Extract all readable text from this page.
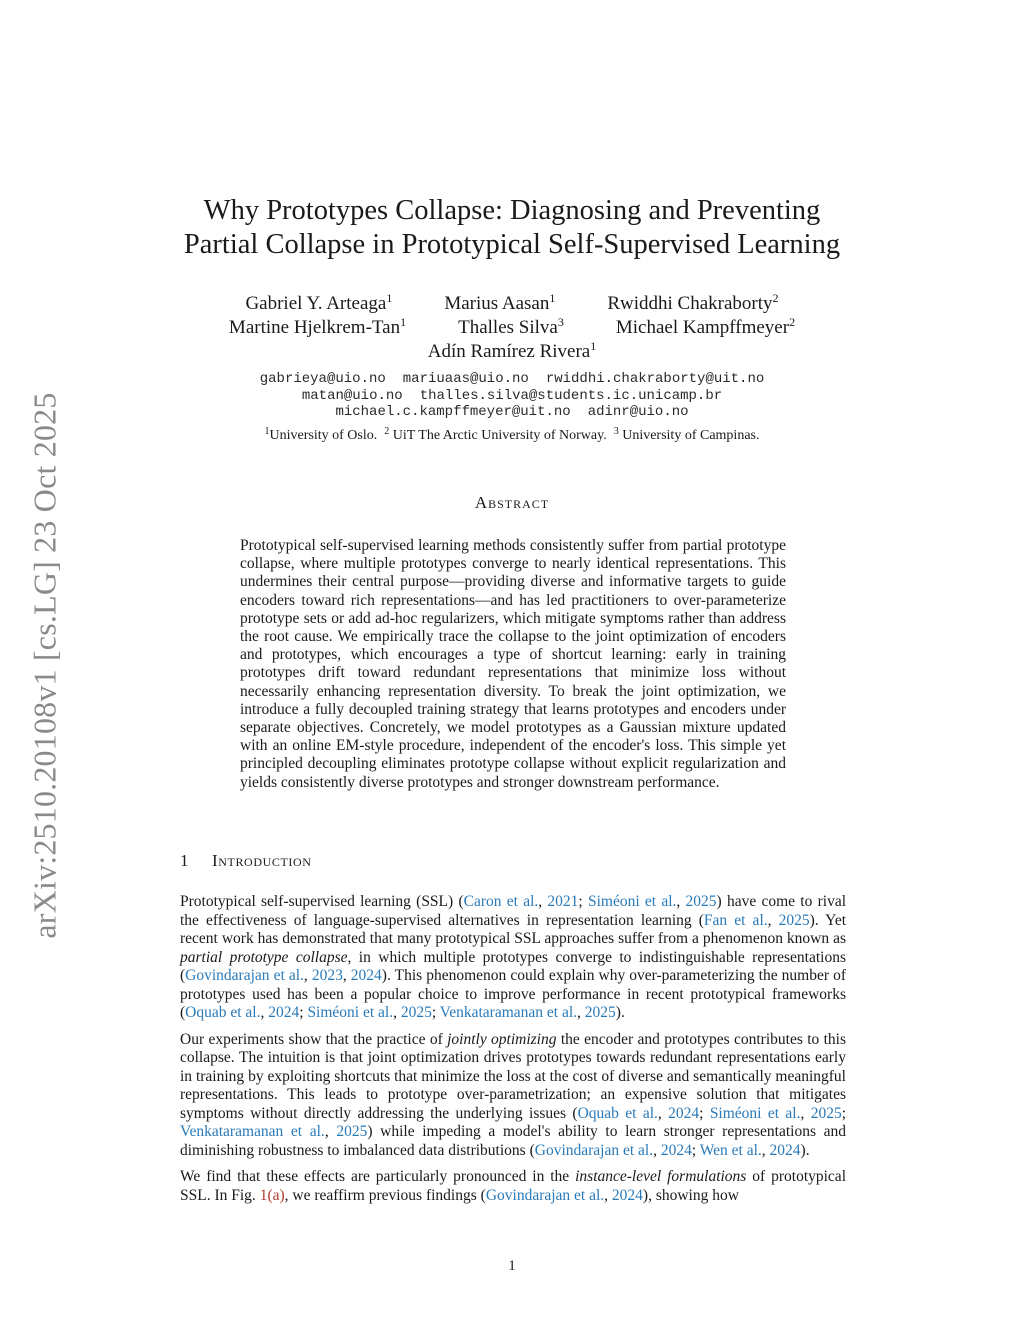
arXiv:2510.20108v1 [cs.LG] 23 Oct 2025
Why Prototypes Collapse: Diagnosing and Preventing
Partial Collapse in Prototypical Self-Supervised Learning
Gabriel Y. Arteaga$^1$	Marius Aasan$^1$	Rwiddhi Chakraborty$^2$
Martine Hjelkrem-Tan$^1$	Thalles Silva$^3$	Michael Kampffmeyer$^2$
Adín Ramírez Rivera$^1$
gabrieya@uio.no mariuaas@uio.no rwiddhi.chakraborty@uit.no
matan@uio.no thalles.silva@students.ic.unicamp.br
michael.c.kampffmeyer@uit.no adinr@uio.no
$^1$University of Oslo. $^2$ UiT The Arctic University of Norway. $^3$ University of Campinas.
Abstract

Prototypical self-supervised learning methods consistently suffer from partial prototype collapse, where multiple prototypes converge to nearly identical representations. This undermines their central purpose—providing diverse and informative targets to guide encoders toward rich representations—and has led practitioners to over-parameterize prototype sets or add ad-hoc regularizers, which mitigate symptoms rather than address the root cause. We empirically trace the collapse to the joint optimization of encoders and prototypes, which encourages a type of shortcut learning: early in training prototypes drift toward redundant representations that minimize loss without necessarily enhancing representation diversity. To break the joint optimization, we introduce a fully decoupled training strategy that learns prototypes and encoders under separate objectives. Concretely, we model prototypes as a Gaussian mixture updated with an online EM-style procedure, independent of the encoder's loss. This simple yet principled decoupling eliminates prototype collapse without explicit regularization and yields consistently diverse prototypes and stronger downstream performance.

1 Introduction

Prototypical self-supervised learning (SSL) (Caron et al., 2021; Siméoni et al., 2025) have come to rival the effectiveness of language-supervised alternatives in representation learning (Fan et al., 2025). Yet recent work has demonstrated that many prototypical SSL approaches suffer from a phenomenon known as partial prototype collapse, in which multiple prototypes converge to indistinguishable representations (Govindarajan et al., 2023, 2024). This phenomenon could explain why over-parameterizing the number of prototypes used has been a popular choice to improve performance in recent prototypical frameworks (Oquab et al., 2024; Siméoni et al., 2025; Venkataramanan et al., 2025).

Our experiments show that the practice of jointly optimizing the encoder and prototypes contributes to this collapse. The intuition is that joint optimization drives prototypes towards redundant representations early in training by exploiting shortcuts that minimize the loss at the cost of diverse and semantically meaningful representations. This leads to prototype over-parametrization; an expensive solution that mitigates symptoms without directly addressing the underlying issues (Oquab et al., 2024; Siméoni et al., 2025; Venkataramanan et al., 2025) while impeding a model's ability to learn stronger representations and diminishing robustness to imbalanced data distributions (Govindarajan et al., 2024; Wen et al., 2024).

We find that these effects are particularly pronounced in the instance-level formulations of prototypical SSL. In Fig. 1(a), we reaffirm previous findings (Govindarajan et al., 2024), showing how

1
